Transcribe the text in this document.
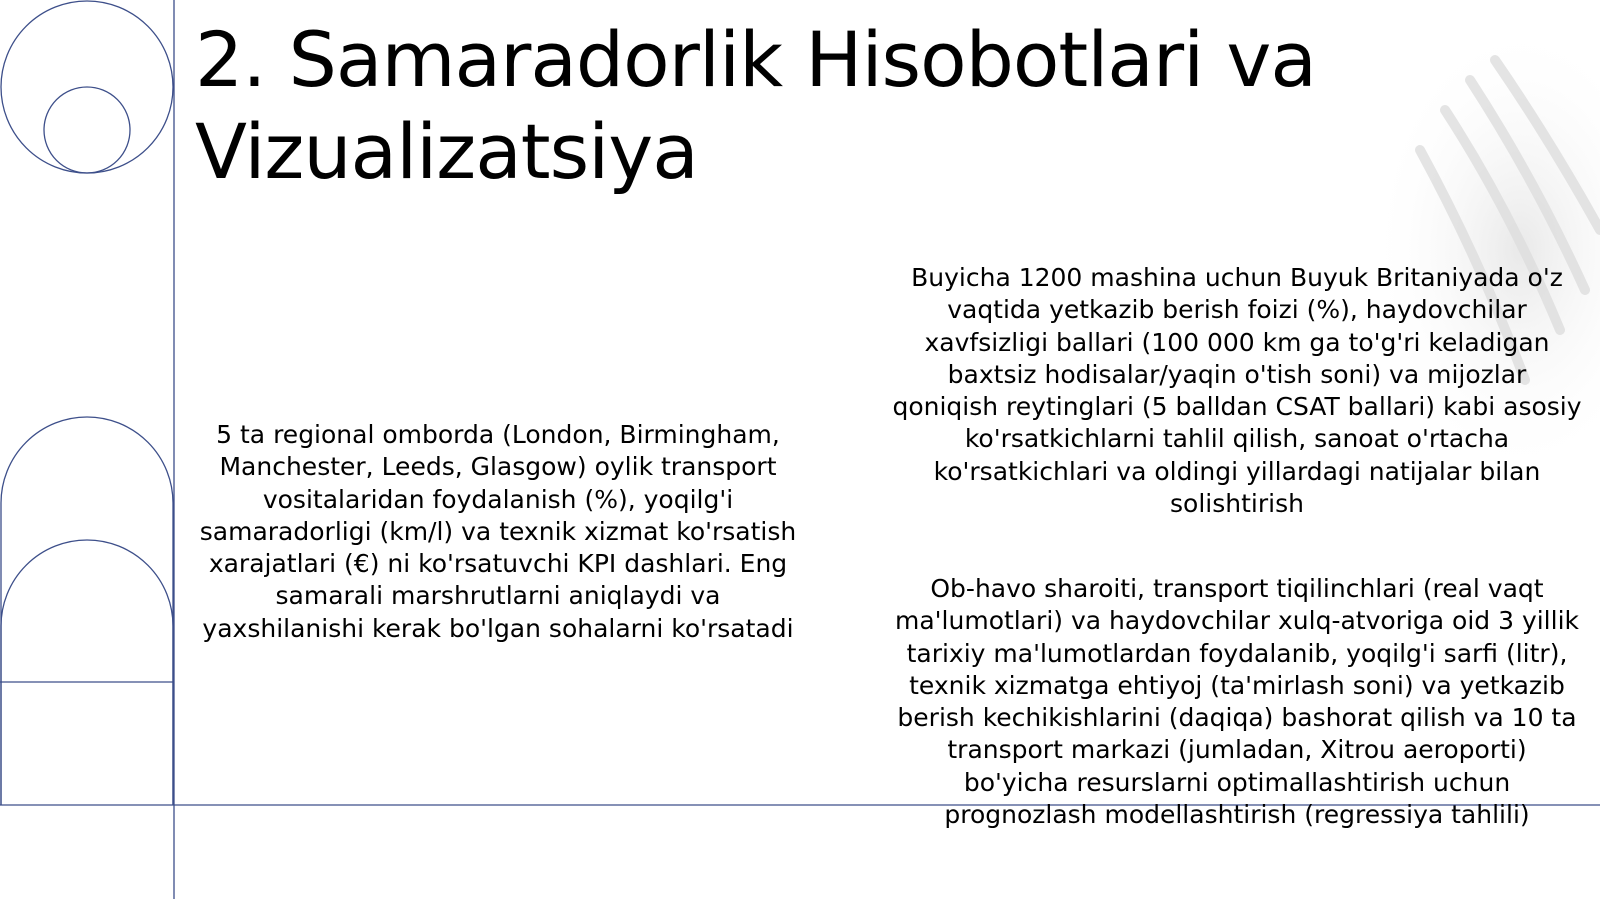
2. Samaradorlik Hisobotlari va Vizualizatsiya

5 ta regional omborda (London, Birmingham, Manchester, Leeds, Glasgow) oylik transport vositalaridan foydalanish (%), yoqilg'i samaradorligi (km/l) va texnik xizmat ko'rsatish xarajatlari (€) ni ko'rsatuvchi KPI dashlari. Eng samarali marshrutlarni aniqlaydi va yaxshilanishi kerak bo'lgan sohalarni ko'rsatadi

Buyicha 1200 mashina uchun Buyuk Britaniyada o'z vaqtida yetkazib berish foizi (%), haydovchilar xavfsizligi ballari (100 000 km ga to'g'ri keladigan baxtsiz hodisalar/yaqin o'tish soni) va mijozlar qoniqish reytinglari (5 balldan CSAT ballari) kabi asosiy ko'rsatkichlarni tahlil qilish, sanoat o'rtacha ko'rsatkichlari va oldingi yillardagi natijalar bilan solishtirish

Ob-havo sharoiti, transport tiqilinchlari (real vaqt ma'lumotlari) va haydovchilar xulq-atvoriga oid 3 yillik tarixiy ma'lumotlardan foydalanib, yoqilg'i sarfi (litr), texnik xizmatga ehtiyoj (ta'mirlash soni) va yetkazib berish kechikishlarini (daqiqa) bashorat qilish va 10 ta transport markazi (jumladan, Xitrou aeroporti) bo'yicha resurslarni optimallashtirish uchun prognozlash modellashtirish (regressiya tahlili)
